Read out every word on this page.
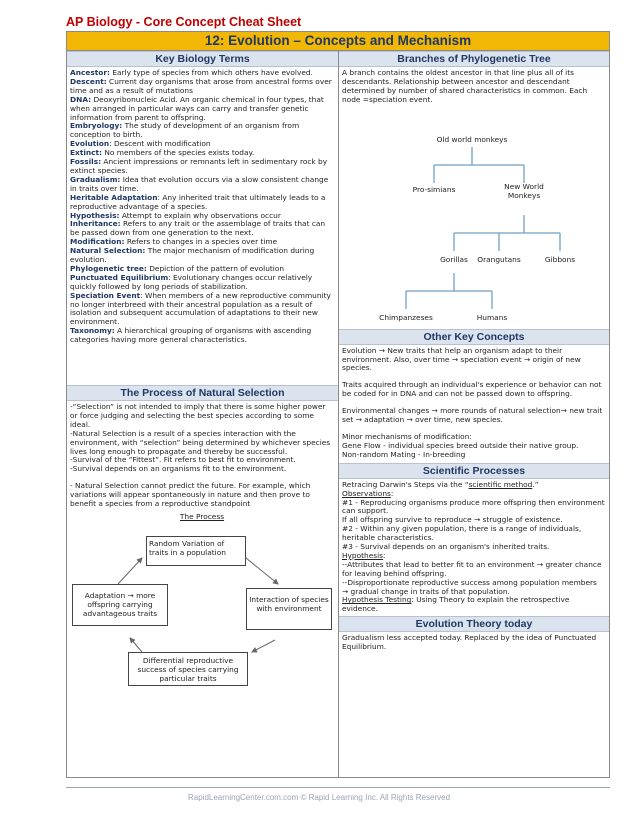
AP Biology - Core Concept Cheat Sheet
12: Evolution – Concepts and Mechanism
Key Biology Terms
Ancestor: Early type of species from which others have evolved.
Descent: Current day organisms that arose from ancestral forms over time and as a result of mutations
DNA: Deoxyribonucleic Acid. An organic chemical in four types, that when arranged in particular ways can carry and transfer genetic information from parent to offspring.
Embryology: The study of development of an organism from conception to birth.
Evolution: Descent with modification
Extinct: No members of the species exists today.
Fossils: Ancient impressions or remnants left in sedimentary rock by extinct species.
Gradualism: Idea that evolution occurs via a slow consistent change in traits over time.
Heritable Adaptation: Any inherited trait that ultimately leads to a reproductive advantage of a species.
Hypothesis: Attempt to explain why observations occur
Inheritance: Refers to any trait or the assemblage of traits that can be passed down from one generation to the next.
Modification: Refers to changes in a species over time
Natural Selection: The major mechanism of modification during evolution.
Phylogenetic tree: Depiction of the pattern of evolution
Punctuated Equilibrium: Evolutionary changes occur relatively quickly followed by long periods of stabilization.
Speciation Event: When members of a new reproductive community no longer interbreed with their ancestral population as a result of isolation and subsequent accumulation of adaptations to their new environment.
Taxonomy: A hierarchical grouping of organisms with ascending categories having more general characteristics.
The Process of Natural Selection
-“Selection” is not intended to imply that there is some higher power or force judging and selecting the best species according to some ideal.
-Natural Selection is a result of a species interaction with the environment, with “selection” being determined by whichever species lives long enough to propagate and thereby be successful.
-Survival of the “Fittest”. Fit refers to best fit to environment.
-Survival depends on an organisms fit to the environment.
- Natural Selection cannot predict the future. For example, which variations will appear spontaneously in nature and then prove to benefit a species from a reproductive standpoint
The Process
Random Variation of traits in a population
Interaction of species with environment
Adaptation → more offspring carrying advantageous traits
Differential reproductive success of species carrying particular traits
Branches of Phylogenetic Tree
A branch contains the oldest ancestor in that line plus all of its descendants. Relationship between ancestor and descendant determined by number of shared characteristics in common. Each node =speciation event.
Old world monkeys
Pro-simians	New World Monkeys
Gorillas	Orangutans	Gibbons
Chimpanzeses	Humans
Other Key Concepts

Evolution → New traits that help an organism adapt to their environment. Also, over time → speciation event → origin of new species.

Traits acquired through an individual's experience or behavior can not be coded for in DNA and can not be passed down to offspring.

Environmental changes → more rounds of natural selection→ new trait set → adaptation → over time, new species.

Minor mechanisms of modification:

Gene Flow - individual species breed outside their native group.

Non-random Mating - In-breeding

Scientific Processes
Retracing Darwin's Steps via the “scientific method.”
Observations:
#1 - Reproducing organisms produce more offspring then environment can support.
If all offspring survive to reproduce → struggle of existence.
#2 - Within any given population, there is a range of individuals, heritable characteristics.
#3 - Survival depends on an organism's inherited traits.
Hypothesis:
--Attributes that lead to better fit to an environment → greater chance for leaving behind offspring.
--Disproportionate reproductive success among population members → gradual change in traits of that population.
Hypothesis Testing: Using Theory to explain the retrospective evidence.
Evolution Theory today
Gradualism less accepted today. Replaced by the idea of Punctuated Equilibrium.
RapidLearningCenter.com.com © Rapid Learning Inc. All Rights Reserved
